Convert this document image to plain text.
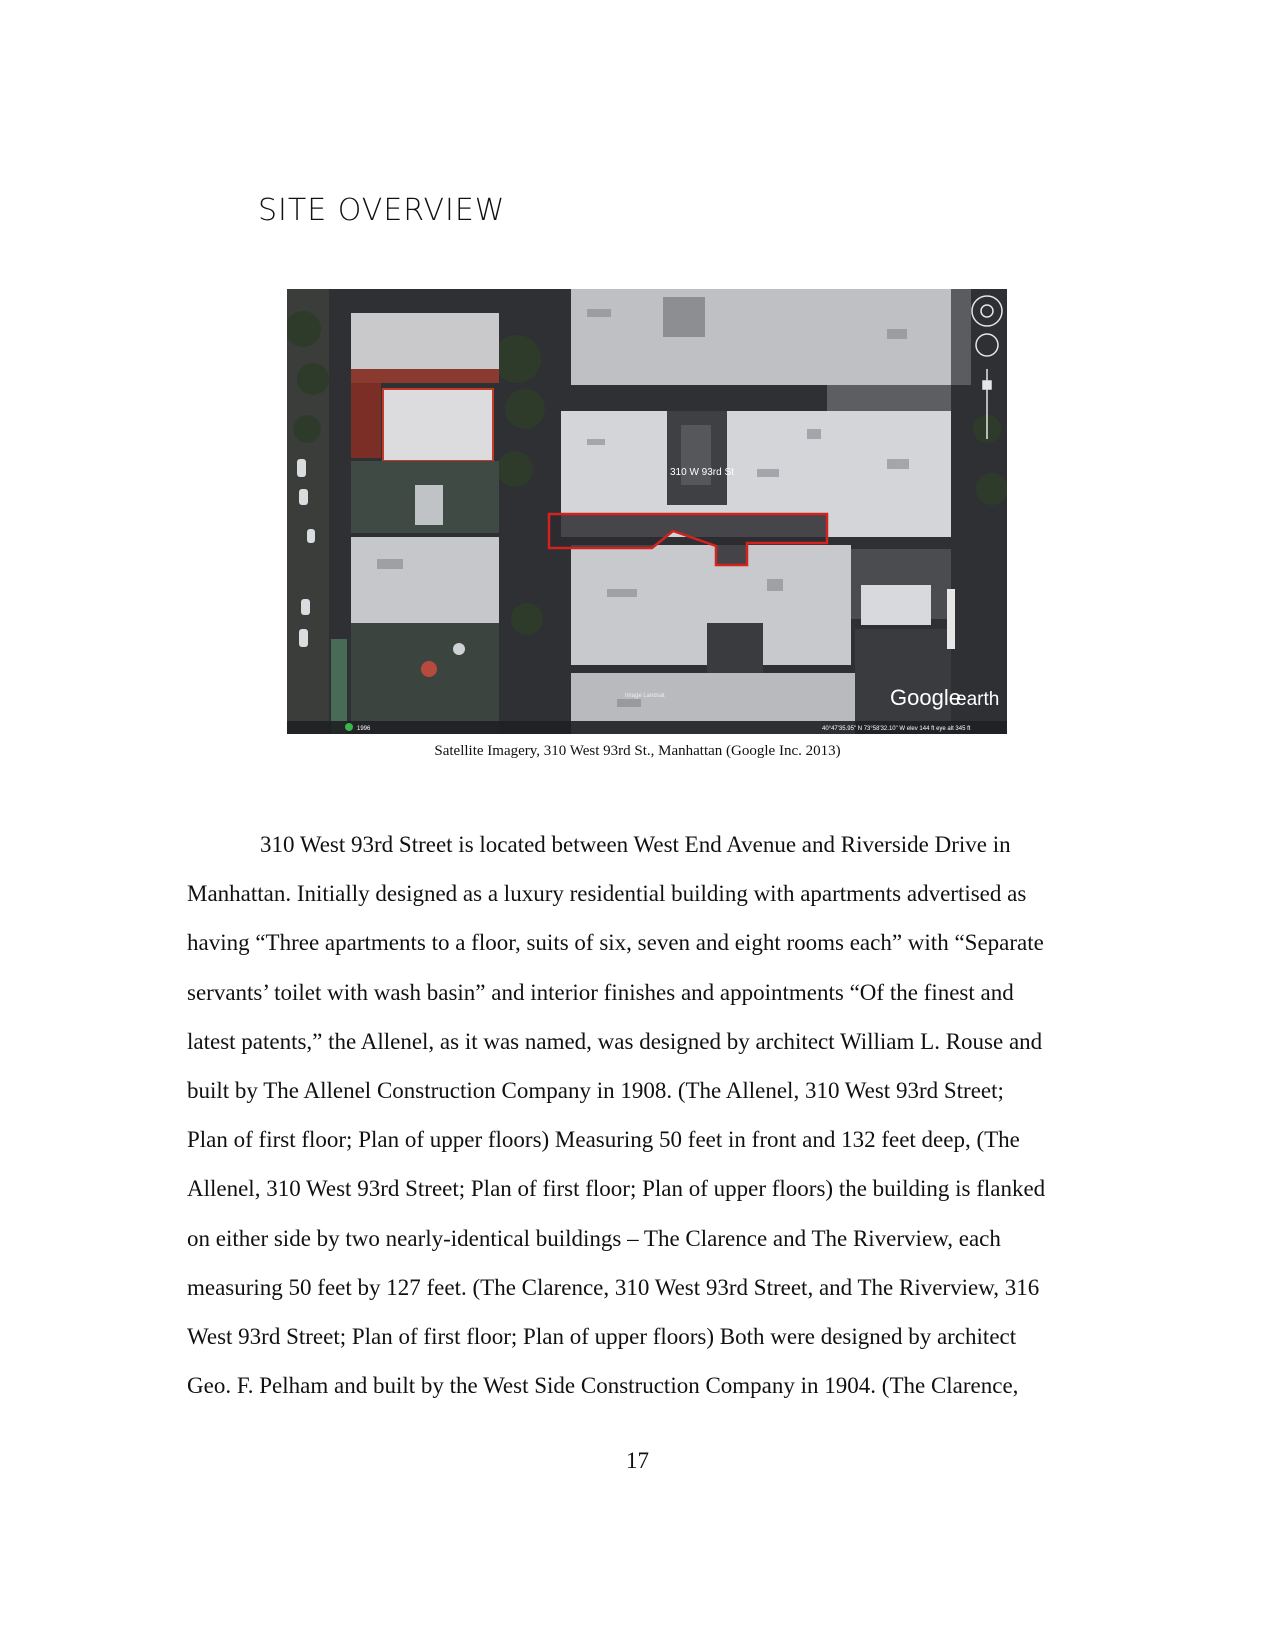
SITE OVERVIEW
310 W 93rd St
1996
Image Landsat
40°47'35.95" N 73°58'32.10" W elev 144 ft eye alt 345 ft
Google
earth
Satellite Imagery, 310 West 93rd St., Manhattan (Google Inc. 2013)
310 West 93rd Street is located between West End Avenue and Riverside Drive in
Manhattan. Initially designed as a luxury residential building with apartments advertised as
having “Three apartments to a floor, suits of six, seven and eight rooms each” with “Separate
servants’ toilet with wash basin” and interior finishes and appointments “Of the finest and
latest patents,” the Allenel, as it was named, was designed by architect William L. Rouse and
built by The Allenel Construction Company in 1908. (The Allenel, 310 West 93rd Street;
Plan of first floor; Plan of upper floors) Measuring 50 feet in front and 132 feet deep, (The
Allenel, 310 West 93rd Street; Plan of first floor; Plan of upper floors) the building is flanked
on either side by two nearly-identical buildings – The Clarence and The Riverview, each
measuring 50 feet by 127 feet. (The Clarence, 310 West 93rd Street, and The Riverview, 316
West 93rd Street; Plan of first floor; Plan of upper floors) Both were designed by architect
Geo. F. Pelham and built by the West Side Construction Company in 1904. (The Clarence,
17
